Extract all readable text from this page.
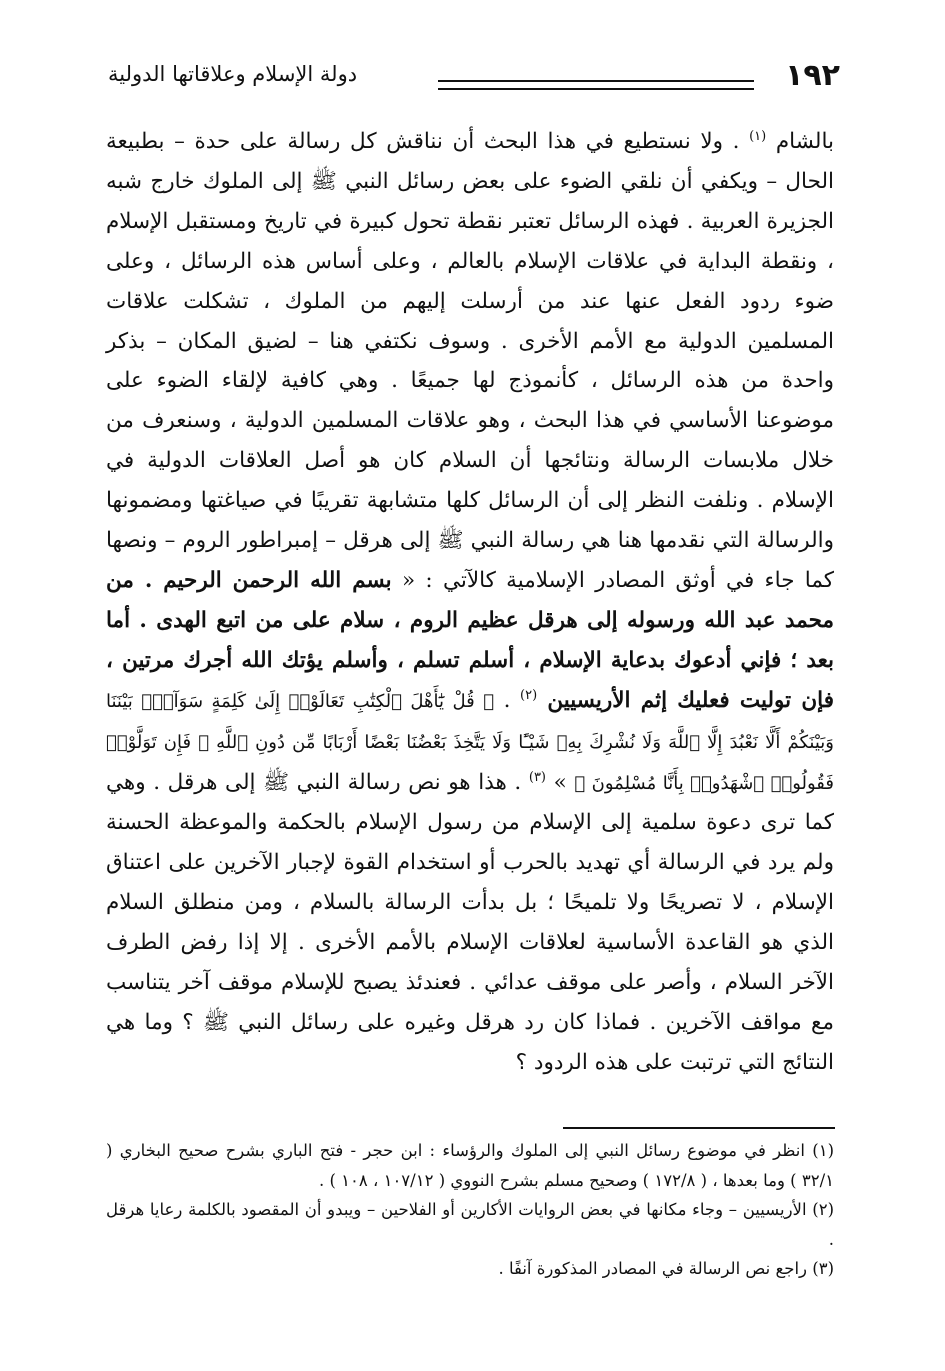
١٩٢
دولة الإسلام وعلاقاتها الدولية
بالشام $^{(١)}$ . ولا نستطيع في هذا البحث أن نناقش كل رسالة على حدة – بطبيعة الحال – ويكفي أن نلقي الضوء على بعض رسائل النبي ﷺ إلى الملوك خارج شبه الجزيرة العربية . فهذه الرسائل تعتبر نقطة تحول كبيرة في تاريخ ومستقبل الإسلام ، ونقطة البداية في علاقات الإسلام بالعالم ، وعلى أساس هذه الرسائل ، وعلى ضوء ردود الفعل عنها عند من أرسلت إليهم من الملوك ، تشكلت علاقات المسلمين الدولية مع الأمم الأخرى . وسوف نكتفي هنا – لضيق المكان – بذكر واحدة من هذه الرسائل ، كأنموذج لها جميعًا . وهي كافية لإلقاء الضوء على موضوعنا الأساسي في هذا البحث ، وهو علاقات المسلمين الدولية ، وسنعرف من خلال ملابسات الرسالة ونتائجها أن السلام كان هو أصل العلاقات الدولية في الإسلام . ونلفت النظر إلى أن الرسائل كلها متشابهة تقريبًا في صياغتها ومضمونها والرسالة التي نقدمها هنا هي رسالة النبي ﷺ إلى هرقل – إمبراطور الروم – ونصها كما جاء في أوثق المصادر الإسلامية كالآتي : « بسم الله الرحمن الرحيم . من محمد عبد الله ورسوله إلى هرقل عظيم الروم ، سلام على من اتبع الهدى . أما بعد ؛ فإني أدعوك بدعاية الإسلام ، أسلم تسلم ، وأسلم يؤتك الله أجرك مرتين ، فإن توليت فعليك إثم الأريسيين $^{(٢)}$ . ﴿ قُلْ يَٰٓأَهْلَ ٱلْكِتَٰبِ تَعَالَوْا۟ إِلَىٰ كَلِمَةٍ سَوَآءٍۭ بَيْنَنَا وَبَيْنَكُمْ أَلَّا نَعْبُدَ إِلَّا ٱللَّهَ وَلَا نُشْرِكَ بِهِۦ شَيْـًٔا وَلَا يَتَّخِذَ بَعْضُنَا بَعْضًا أَرْبَابًا مِّن دُونِ ٱللَّهِ ۚ فَإِن تَوَلَّوْا۟ فَقُولُوا۟ ٱشْهَدُوا۟ بِأَنَّا مُسْلِمُونَ ﴾ » $^{(٣)}$ . هذا هو نص رسالة النبي ﷺ إلى هرقل . وهي كما ترى دعوة سلمية إلى الإسلام من رسول الإسلام بالحكمة والموعظة الحسنة ولم يرد في الرسالة أي تهديد بالحرب أو استخدام القوة لإجبار الآخرين على اعتناق الإسلام ، لا تصريحًا ولا تلميحًا ؛ بل بدأت الرسالة بالسلام ، ومن منطلق السلام الذي هو القاعدة الأساسية لعلاقات الإسلام بالأمم الأخرى . إلا إذا رفض الطرف الآخر السلام ، وأصر على موقف عدائي . فعندئذ يصبح للإسلام موقف آخر يتناسب مع مواقف الآخرين . فماذا كان رد هرقل وغيره على رسائل النبي ﷺ ؟ وما هي النتائج التي ترتبت على هذه الردود ؟

(١) انظر في موضوع رسائل النبي إلى الملوك والرؤساء : ابن حجر - فتح الباري بشرح صحيح البخاري ( ٣٢/١ ) وما بعدها ، ( ١٧٢/٨ ) وصحيح مسلم بشرح النووي ( ١٠٧/١٢ ، ١٠٨ ) .

(٢) الأريسيين – وجاء مكانها في بعض الروايات الأكارين أو الفلاحين – ويبدو أن المقصود بالكلمة رعايا هرقل .

(٣) راجع نص الرسالة في المصادر المذكورة آنفًا .
